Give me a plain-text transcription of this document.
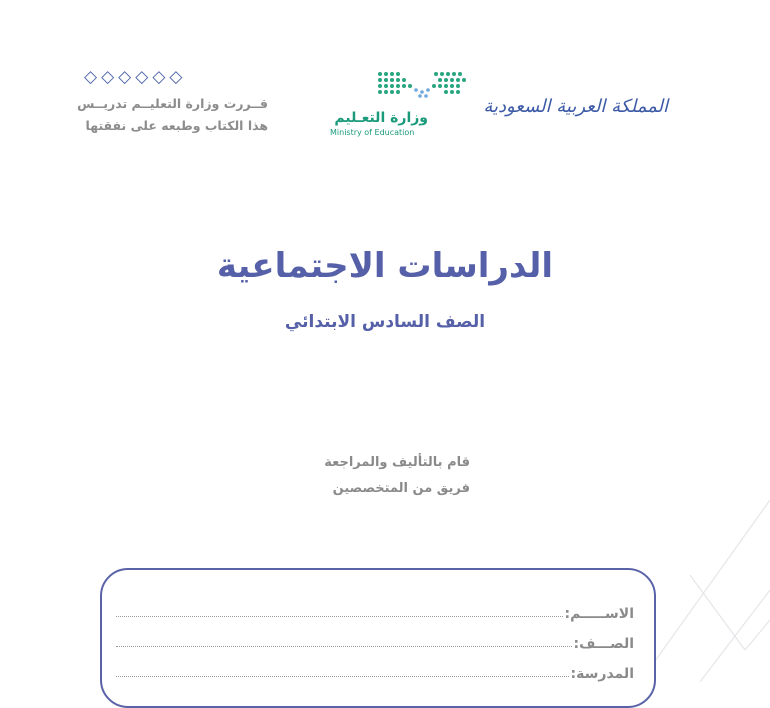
◇ ◇ ◇ ◇ ◇ ◇
قــررت وزارة التعليــم تدريــس
هذا الكتاب وطبعه على نفقتها	وزارة التعـليم
Ministry of Education
المملكة العربية السعودية
الدراسات الاجتماعية
الصف السادس الابتدائي
قام بالتأليف والمراجعة
فريق من المتخصصين
الاســـــم:
الصـــف:
المدرسة:
